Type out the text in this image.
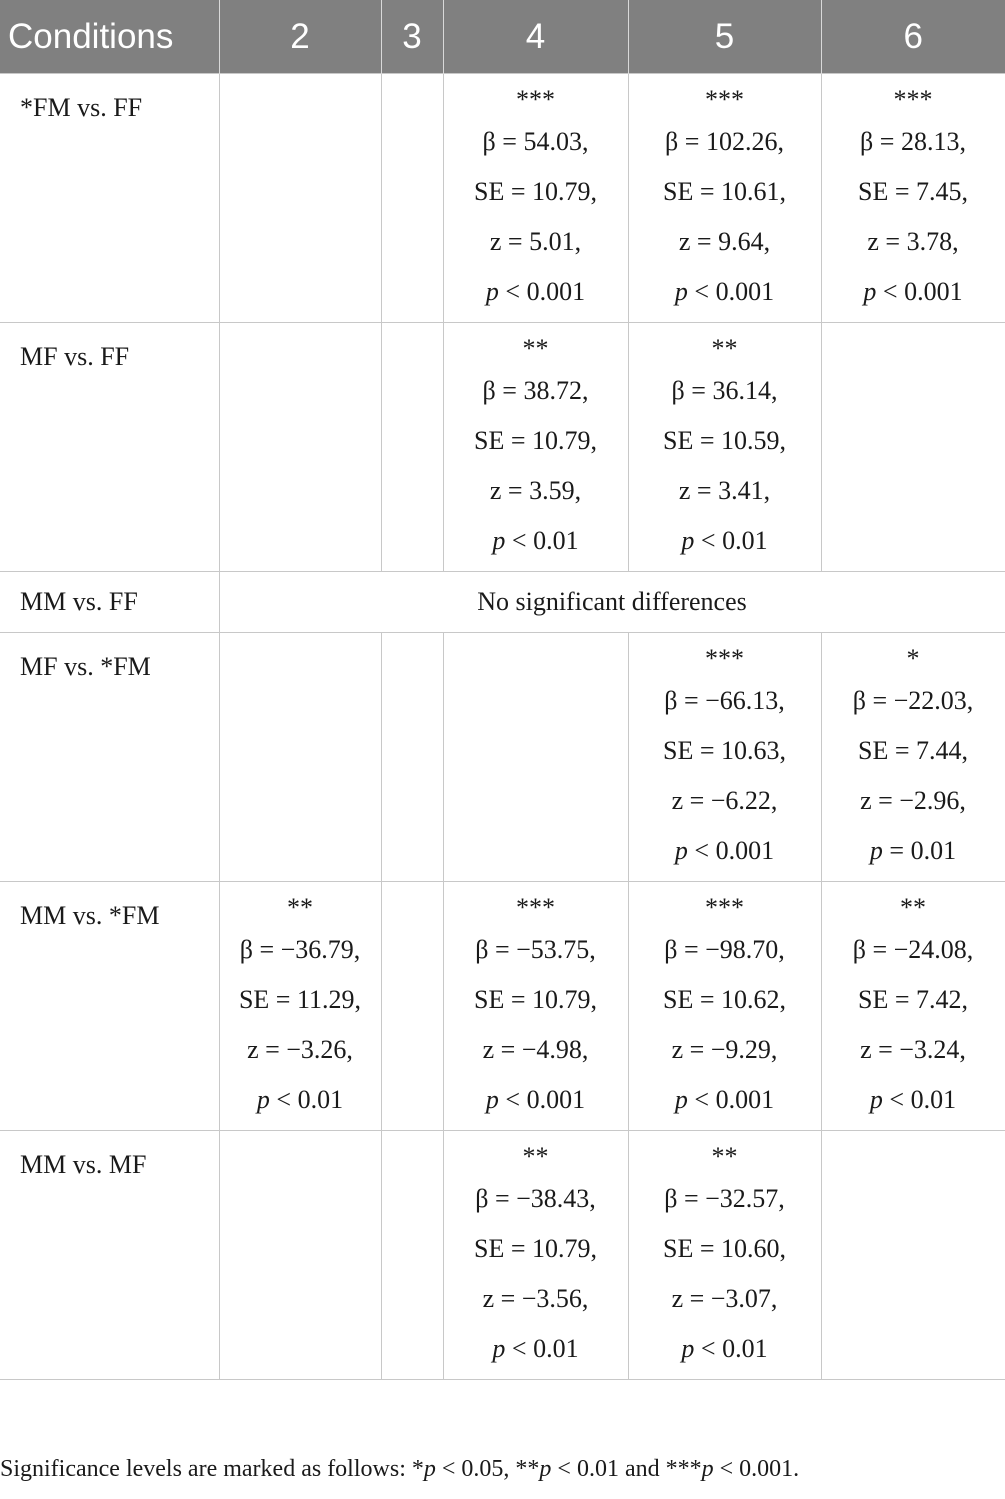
Conditions	2	3	4	5	6
*FM vs. FF			***
β = 54.03,
SE = 10.79,
z = 5.01,
p < 0.001	***
β = 102.26,
SE = 10.61,
z = 9.64,
p < 0.001	***
β = 28.13,
SE = 7.45,
z = 3.78,
p < 0.001

MF vs. FF			**
β = 38.72,
SE = 10.79,
z = 3.59,
p < 0.01	**
β = 36.14,
SE = 10.59,
z = 3.41,
p < 0.01	

MM vs. FF	No significant differences				
MF vs. *FM				***
β = −66.13,
SE = 10.63,
z = −6.22,
p < 0.001	*
β = −22.03,
SE = 7.44,
z = −2.96,
p = 0.01

MM vs. *FM	**
β = −36.79,
SE = 11.29,
z = −3.26,
p < 0.01		***
β = −53.75,
SE = 10.79,
z = −4.98,
p < 0.001	***
β = −98.70,
SE = 10.62,
z = −9.29,
p < 0.001	**
β = −24.08,
SE = 7.42,
z = −3.24,
p < 0.01

MM vs. MF			**
β = −38.43,
SE = 10.79,
z = −3.56,
p < 0.01	**
β = −32.57,
SE = 10.60,
z = −3.07,
p < 0.01	

Significance levels are marked as follows: *p < 0.05, **p < 0.01 and ***p < 0.001.
